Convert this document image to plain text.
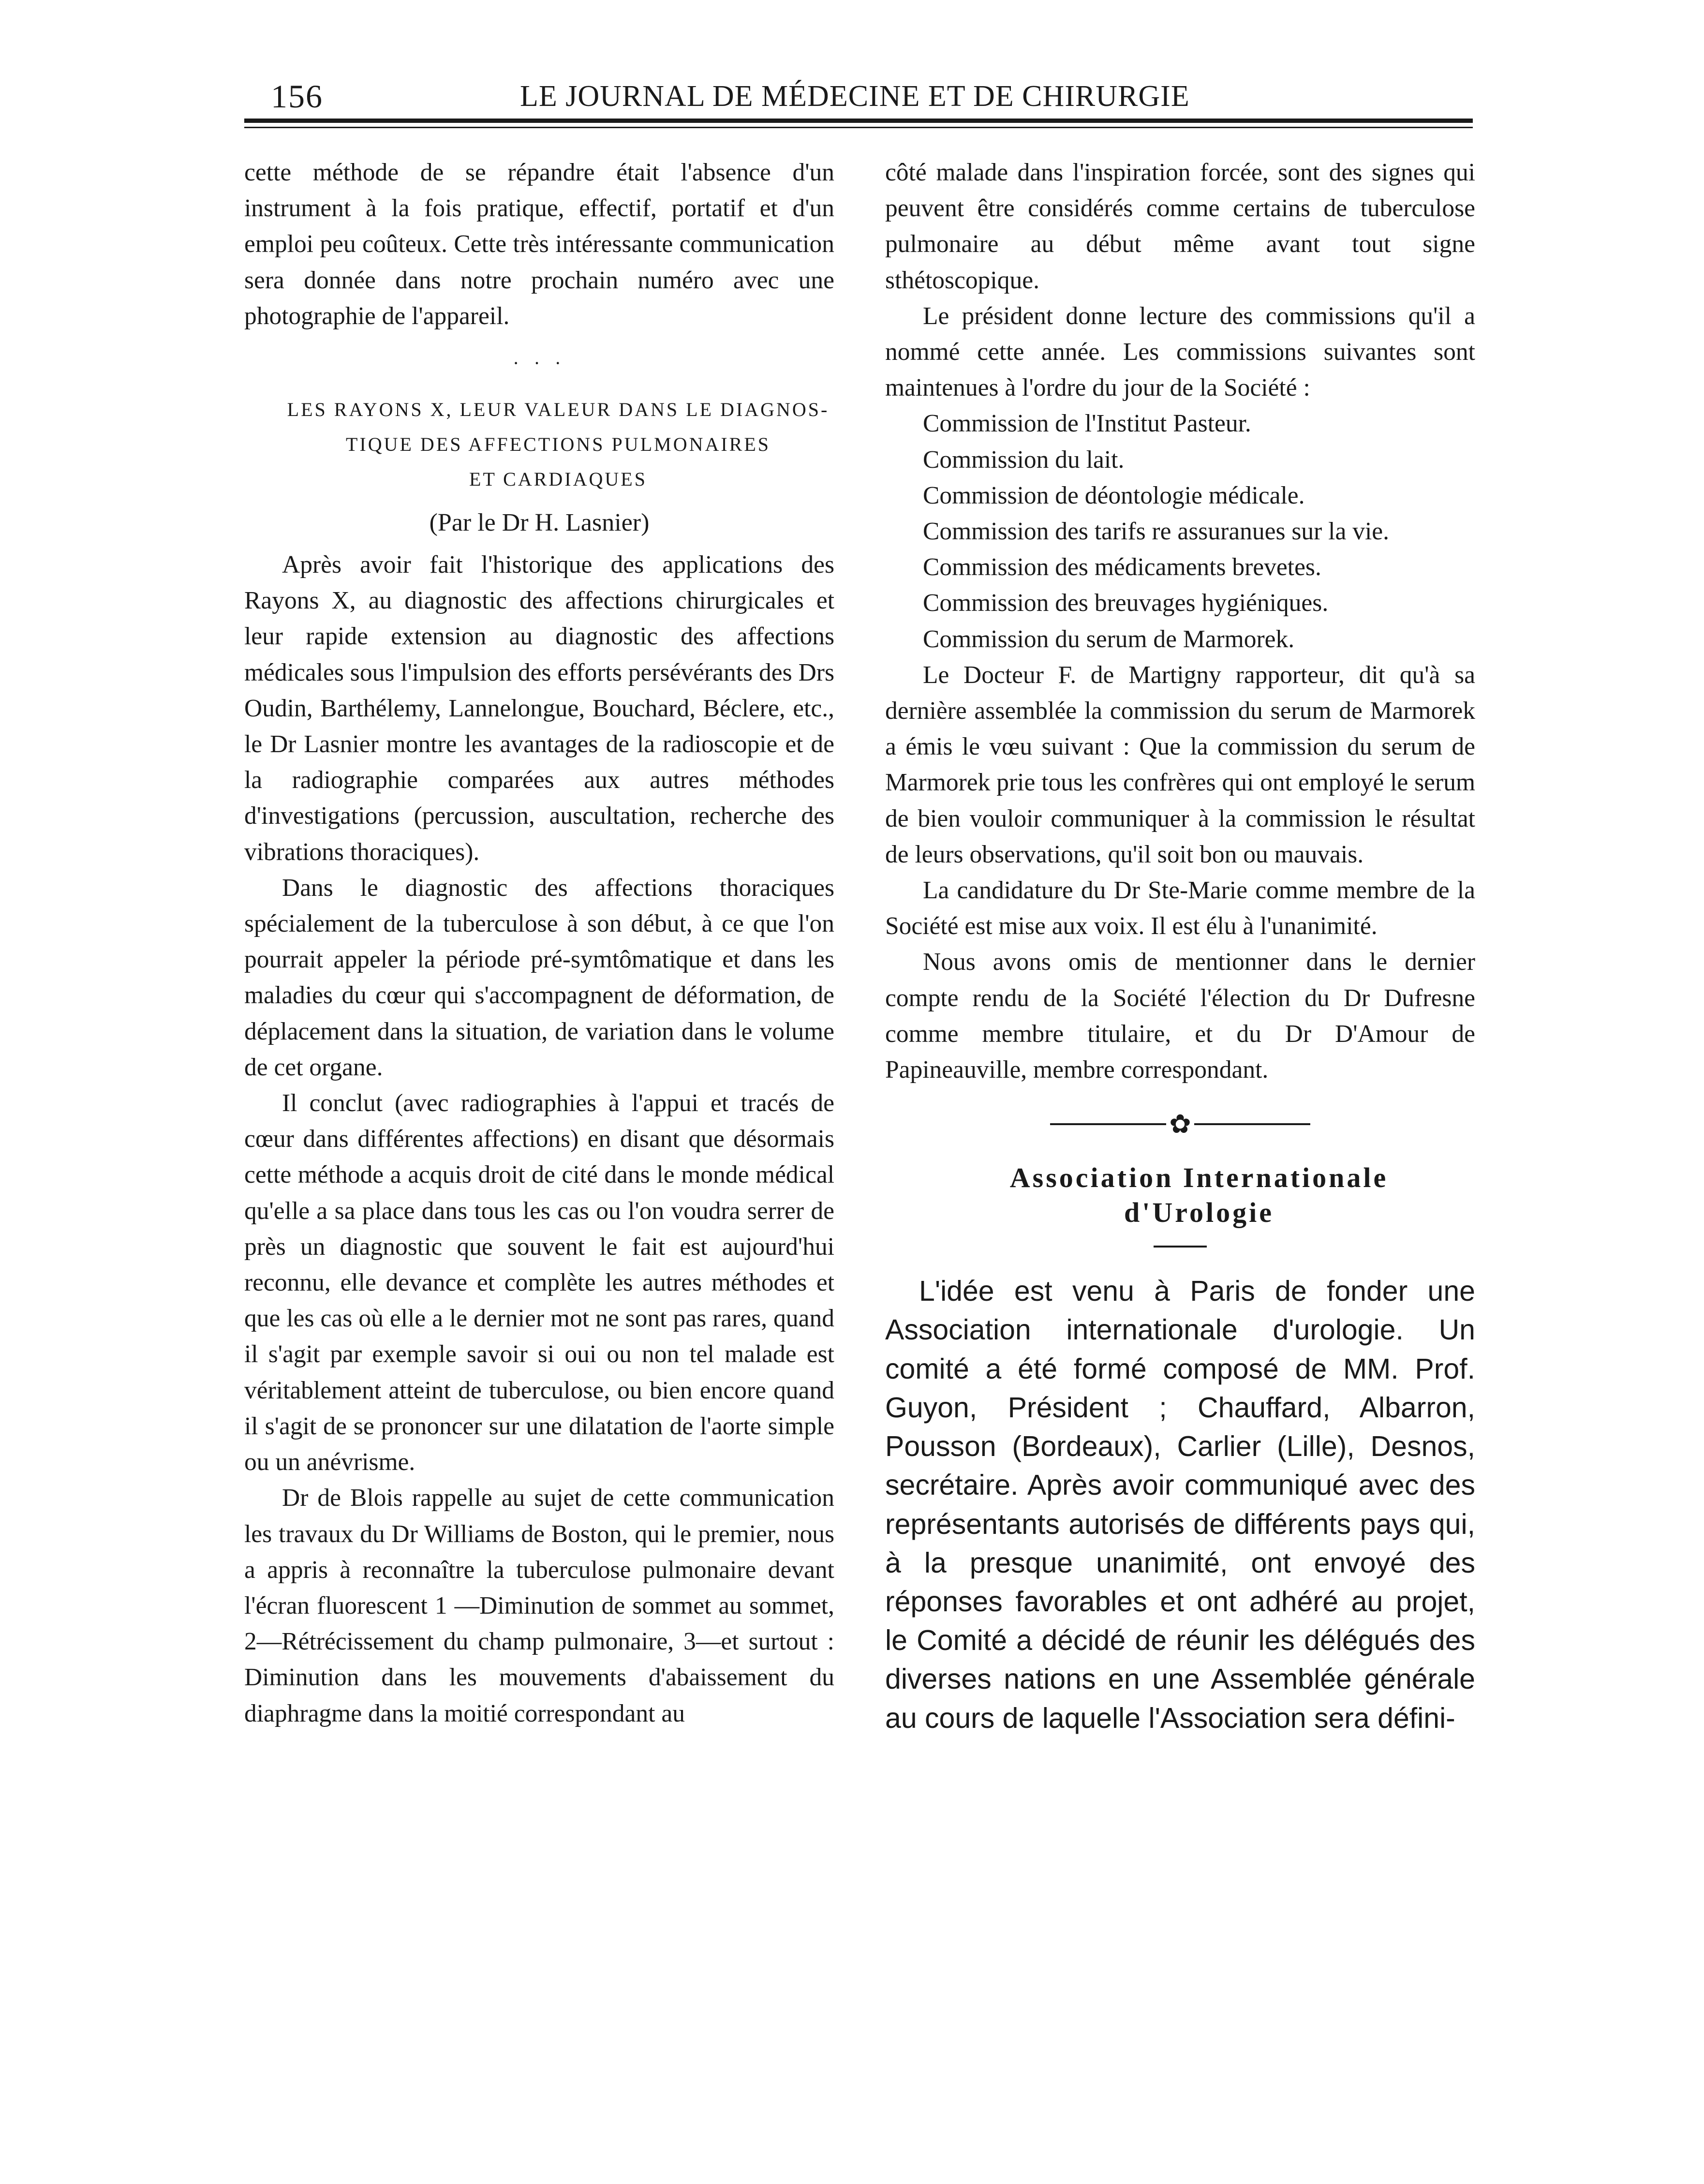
156	LE JOURNAL DE MÉDECINE ET DE CHIRURGIE

cette méthode de se répandre était l'absence d'un instrument à la fois pratique, effectif, portatif et d'un emploi peu coûteux. Cette très intéressante communication sera donnée dans notre prochain numéro avec une photographie de l'appareil.

· · ·

LES RAYONS X, LEUR VALEUR DANS LE DIAGNOS-

TIQUE DES AFFECTIONS PULMONAIRES

ET CARDIAQUES

(Par le Dr H. Lasnier)

Après avoir fait l'historique des applications des Rayons X, au diagnostic des affections chirurgicales et leur rapide extension au diagnostic des affections médicales sous l'impulsion des efforts persévérants des Drs Oudin, Barthélemy, Lannelongue, Bouchard, Béclere, etc., le Dr Lasnier montre les avantages de la radioscopie et de la radiographie comparées aux autres méthodes d'investigations (percussion, auscultation, recherche des vibrations thoraciques).

Dans le diagnostic des affections thoraciques spécialement de la tuberculose à son début, à ce que l'on pourrait appeler la période pré-symtômatique et dans les maladies du cœur qui s'accompagnent de déformation, de déplacement dans la situation, de variation dans le volume de cet organe.

Il conclut (avec radiographies à l'appui et tracés de cœur dans différentes affections) en disant que désormais cette méthode a acquis droit de cité dans le monde médical qu'elle a sa place dans tous les cas ou l'on voudra serrer de près un diagnostic que souvent le fait est aujourd'hui reconnu, elle devance et complète les autres méthodes et que les cas où elle a le dernier mot ne sont pas rares, quand il s'agit par exemple savoir si oui ou non tel malade est véritablement atteint de tuberculose, ou bien encore quand il s'agit de se prononcer sur une dilatation de l'aorte simple ou un anévrisme.

Dr de Blois rappelle au sujet de cette communication les travaux du Dr Williams de Boston, qui le premier, nous a appris à reconnaître la tuberculose pulmonaire devant l'écran fluorescent 1 —Diminution de sommet au sommet, 2—Rétrécissement du champ pulmonaire, 3—et surtout : Diminution dans les mouvements d'abaissement du diaphragme dans la moitié correspondant au

côté malade dans l'inspiration forcée, sont des signes qui peuvent être considérés comme certains de tuberculose pulmonaire au début même avant tout signe sthétoscopique.

Le président donne lecture des commissions qu'il a nommé cette année. Les commissions suivantes sont maintenues à l'ordre du jour de la Société :

Commission de l'Institut Pasteur.
Commission du lait.
Commission de déontologie médicale.
Commission des tarifs re assuranues sur la vie.
Commission des médicaments brevetes.
Commission des breuvages hygiéniques.
Commission du serum de Marmorek.

Le Docteur F. de Martigny rapporteur, dit qu'à sa dernière assemblée la commission du serum de Marmorek a émis le vœu suivant : Que la commission du serum de Marmorek prie tous les confrères qui ont employé le serum de bien vouloir communiquer à la commission le résultat de leurs observations, qu'il soit bon ou mauvais.

La candidature du Dr Ste-Marie comme membre de la Société est mise aux voix. Il est élu à l'unanimité.

Nous avons omis de mentionner dans le dernier compte rendu de la Société l'élection du Dr Dufresne comme membre titulaire, et du Dr D'Amour de Papineauville, membre correspondant.

✿

Association Internationale

d'Urologie

L'idée est venu à Paris de fonder une Association internationale d'urologie. Un comité a été formé composé de MM. Prof. Guyon, Président ; Chauffard, Albarron, Pousson (Bordeaux), Carlier (Lille), Desnos, secrétaire. Après avoir communiqué avec des représentants autorisés de différents pays qui, à la presque unanimité, ont envoyé des réponses favorables et ont adhéré au projet, le Comité a décidé de réunir les délégués des diverses nations en une Assemblée générale au cours de laquelle l'Association sera défini-
